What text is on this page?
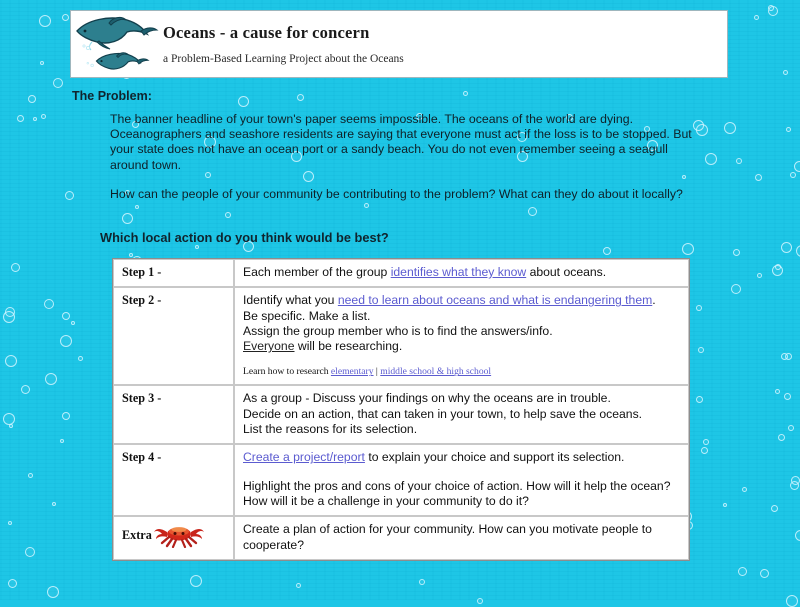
Oceans - a cause for concern
a Problem-Based Learning Project about the Oceans
The Problem:

The banner headline of your town's paper seems impossible. The oceans of the world are dying. Oceanographers and seashore residents are saying that everyone must act if the loss is to be stopped. But your state does not have an ocean port or a sandy beach. You do not even remember seeing a seagull around town.

How can the people of your community be contributing to the problem? What can they do about it locally?

Which local action do you think would be best?
Step 1 -	Each member of the group identifies what they know about oceans.

Step 2 -	Identify what you need to learn about oceans and what is endangering them.

Be specific. Make a list.

Assign the group member who is to find the answers/info.

Everyone will be researching.

Learn how to research elementary | middle school & high school

Step 3 -	As a group - Discuss your findings on why the oceans are in trouble.

Decide on an action, that can taken in your town, to help save the oceans.

List the reasons for its selection.

Step 4 -	Create a project/report to explain your choice and support its selection.

Highlight the pros and cons of your choice of action. How will it help the ocean?

How will it be a challenge in your community to do it?

Extra	Create a plan of action for your community. How can you motivate people to cooperate?
